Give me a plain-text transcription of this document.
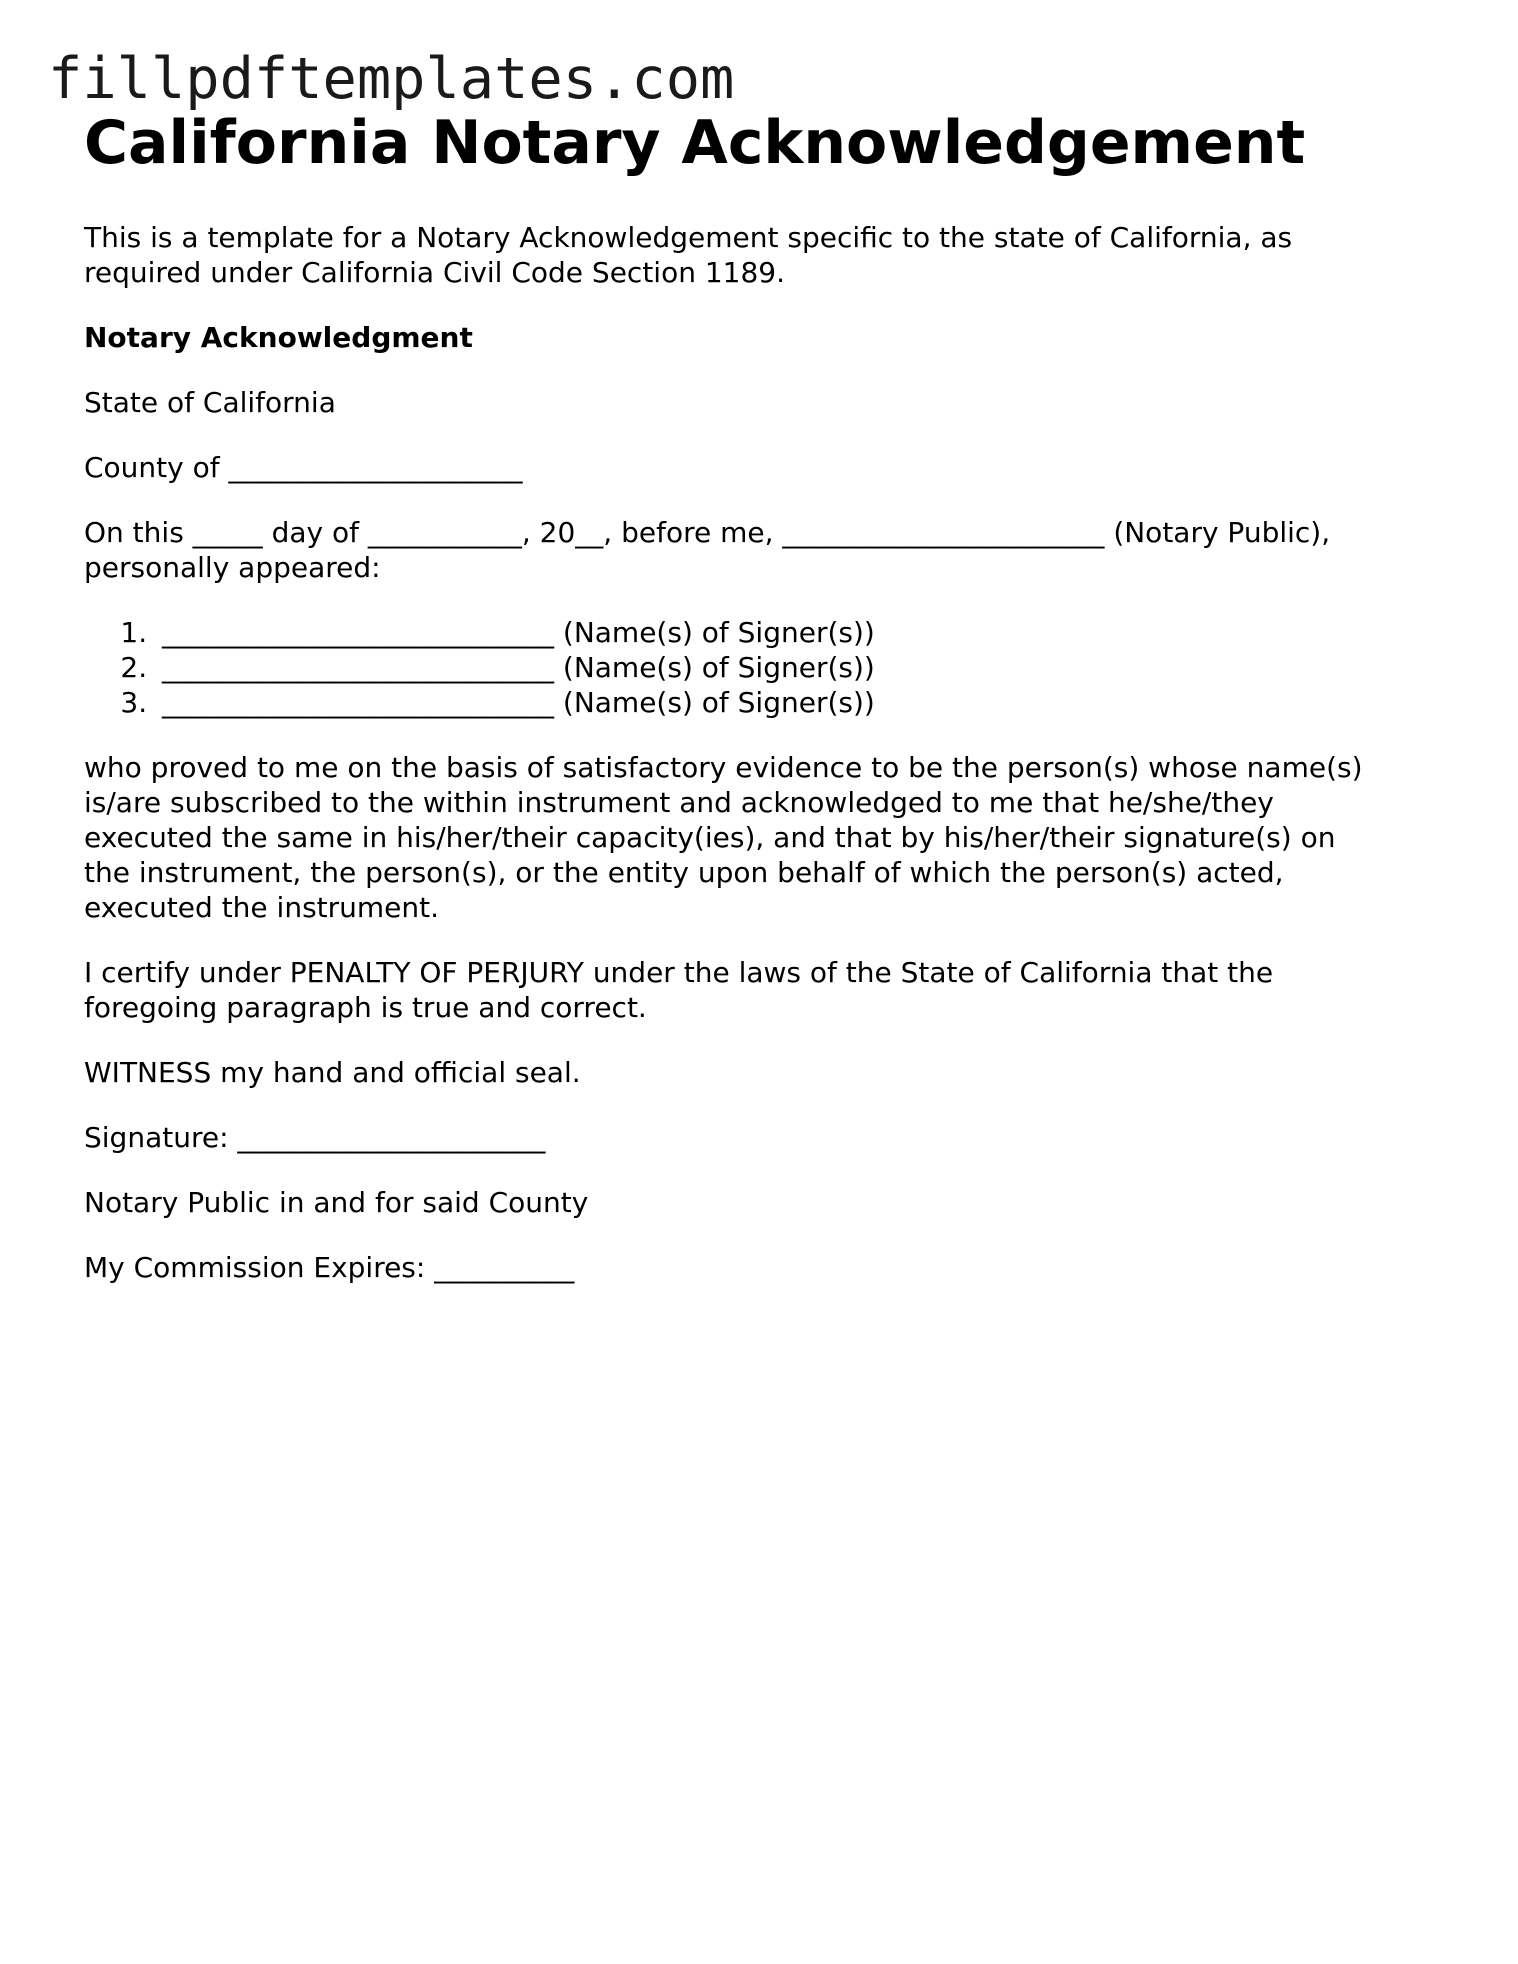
fillpdftemplates.com
California Notary Acknowledgement

This is a template for a Notary Acknowledgement specific to the state of California, as required under California Civil Code Section 1189.

Notary Acknowledgment

State of California

County of _____________________

On this _____ day of ___________, 20__, before me, _______________________ (Notary Public), personally appeared:

1. ____________________________ (Name(s) of Signer(s))
2. ____________________________ (Name(s) of Signer(s))
3. ____________________________ (Name(s) of Signer(s))

who proved to me on the basis of satisfactory evidence to be the person(s) whose name(s) is/are subscribed to the within instrument and acknowledged to me that he/she/they executed the same in his/her/their capacity(ies), and that by his/her/their signature(s) on the instrument, the person(s), or the entity upon behalf of which the person(s) acted, executed the instrument.

I certify under PENALTY OF PERJURY under the laws of the State of California that the foregoing paragraph is true and correct.

WITNESS my hand and official seal.

Signature: ______________________

Notary Public in and for said County

My Commission Expires: __________
